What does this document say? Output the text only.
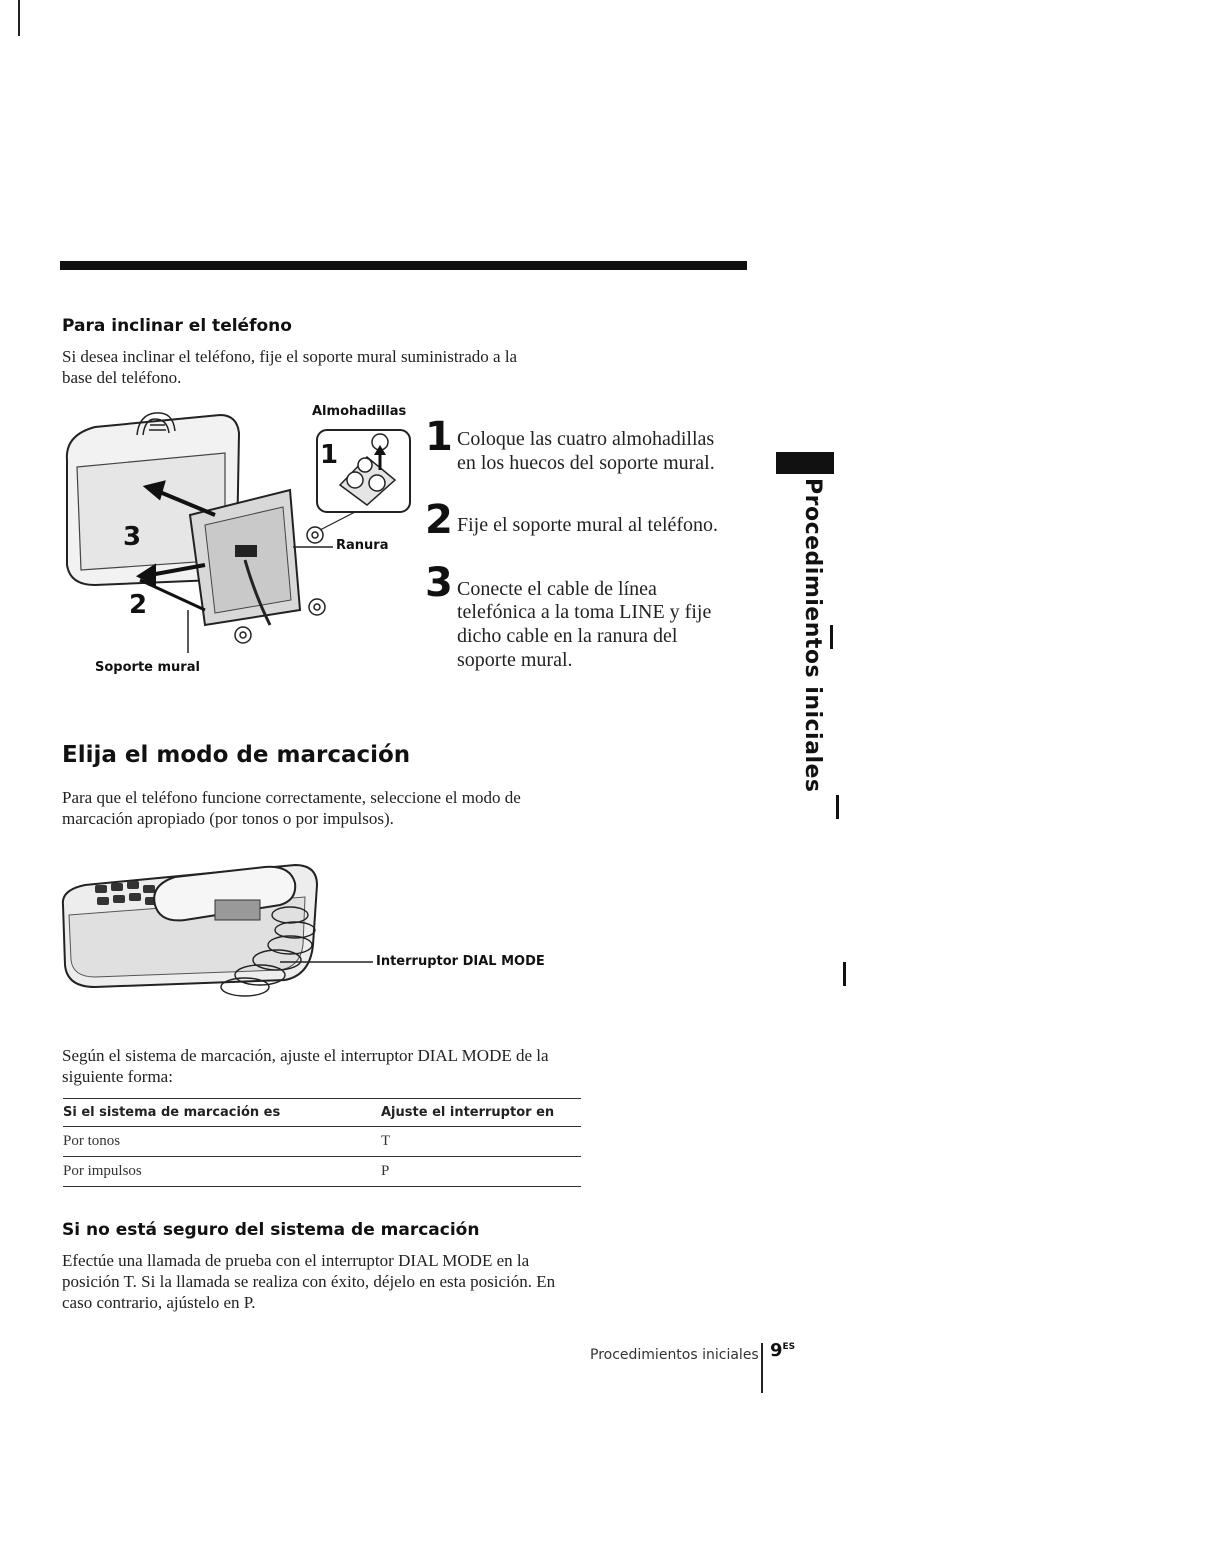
Para inclinar el teléfono
Si desea inclinar el teléfono, fije el soporte mural suministrado a la
base del teléfono.
1
3
2
Almohadillas
Ranura
Soporte mural
1 Coloque las cuatro almohadillas
en los huecos del soporte mural.
2 Fije el soporte mural al teléfono.
3 Conecte el cable de línea
telefónica a la toma LINE y fije
dicho cable en la ranura del
soporte mural.
Elija el modo de marcación
Para que el teléfono funcione correctamente, seleccione el modo de
marcación apropiado (por tonos o por impulsos).
Interruptor DIAL MODE
Según el sistema de marcación, ajuste el interruptor DIAL MODE de la
siguiente forma:
Si el sistema de marcación es	Ajuste el interruptor en
Por tonos	T
Por impulsos	P
Si no está seguro del sistema de marcación
Efectúe una llamada de prueba con el interruptor DIAL MODE en la
posición T. Si la llamada se realiza con éxito, déjelo en esta posición. En
caso contrario, ajústelo en P.
Procedimientos iniciales
Procedimientos iniciales $9^{ES}$
